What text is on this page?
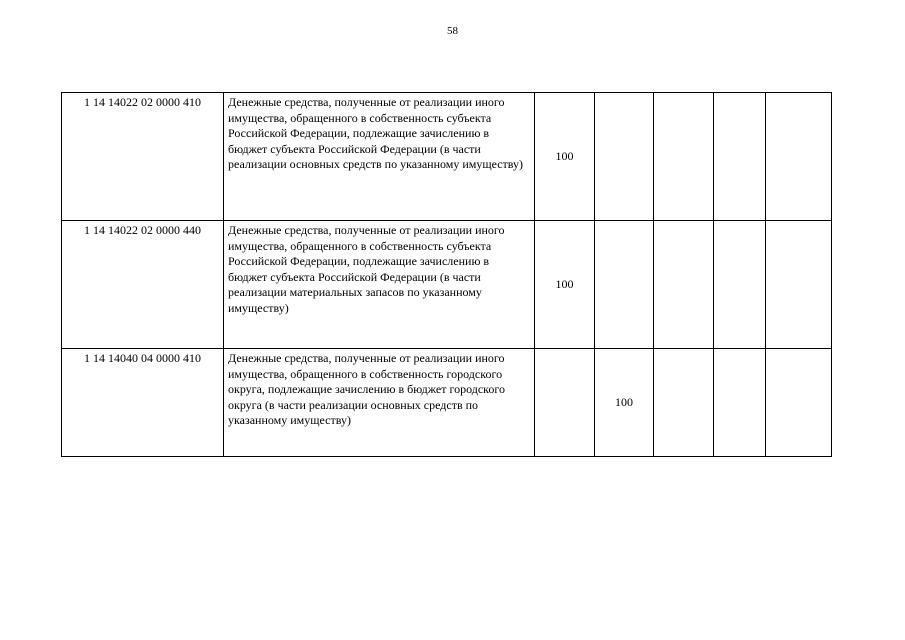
58
1 14 14022 02 0000 410	Денежные средства, полученные от реализации иного имущества, обращенного в собственность субъекта Российской Федерации, подлежащие зачислению в бюджет субъекта Российской Федерации (в части реализации основных средств по указанному имуществу)	100				
1 14 14022 02 0000 440	Денежные средства, полученные от реализации иного имущества, обращенного в собственность субъекта Российской Федерации, подлежащие зачислению в бюджет субъекта Российской Федерации (в части реализации материальных запасов по указанному имуществу)	100				
1 14 14040 04 0000 410	Денежные средства, полученные от реализации иного имущества, обращенного в собственность городского округа, подлежащие зачислению в бюджет городского округа (в части реализации основных средств по указанному имуществу)		100			
